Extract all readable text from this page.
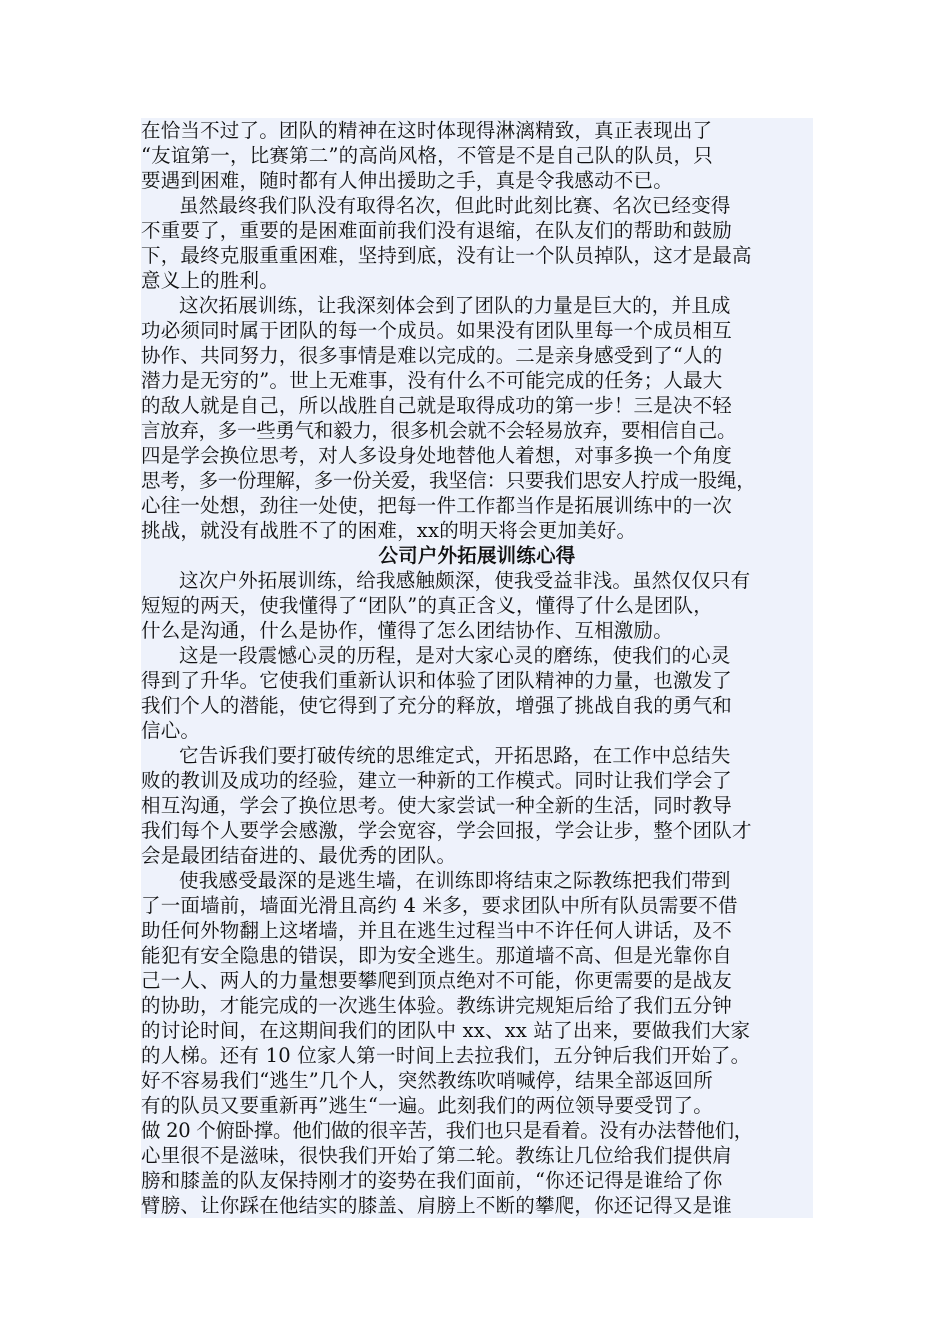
在恰当不过了。团队的精神在这时体现得淋漓精致，真正表现出了
“友谊第一，比赛第二”的高尚风格，不管是不是自己队的队员，只
要遇到困难，随时都有人伸出援助之手，真是令我感动不已。
虽然最终我们队没有取得名次，但此时此刻比赛、名次已经变得
不重要了，重要的是困难面前我们没有退缩，在队友们的帮助和鼓励
下，最终克服重重困难，坚持到底，没有让一个队员掉队，这才是最高
意义上的胜利。
这次拓展训练，让我深刻体会到了团队的力量是巨大的，并且成
功必须同时属于团队的每一个成员。如果没有团队里每一个成员相互
协作、共同努力，很多事情是难以完成的。二是亲身感受到了“人的
潜力是无穷的”。世上无难事，没有什么不可能完成的任务；人最大
的敌人就是自己，所以战胜自己就是取得成功的第一步！三是决不轻
言放弃，多一些勇气和毅力，很多机会就不会轻易放弃，要相信自己。
四是学会换位思考，对人多设身处地替他人着想，对事多换一个角度
思考，多一份理解，多一份关爱，我坚信：只要我们思安人拧成一股绳，
心往一处想，劲往一处使，把每一件工作都当作是拓展训练中的一次
挑战，就没有战胜不了的困难，xx的明天将会更加美好。
公司户外拓展训练心得
这次户外拓展训练，给我感触颇深，使我受益非浅。虽然仅仅只有
短短的两天，使我懂得了“团队”的真正含义，懂得了什么是团队，
什么是沟通，什么是协作，懂得了怎么团结协作、互相激励。
这是一段震憾心灵的历程，是对大家心灵的磨练，使我们的心灵
得到了升华。它使我们重新认识和体验了团队精神的力量，也激发了
我们个人的潜能，使它得到了充分的释放，增强了挑战自我的勇气和
信心。
它告诉我们要打破传统的思维定式，开拓思路，在工作中总结失
败的教训及成功的经验，建立一种新的工作模式。同时让我们学会了
相互沟通，学会了换位思考。使大家尝试一种全新的生活，同时教导
我们每个人要学会感激，学会宽容，学会回报，学会让步，整个团队才
会是最团结奋进的、最优秀的团队。
使我感受最深的是逃生墙，在训练即将结束之际教练把我们带到
了一面墙前，墙面光滑且高约 4 米多，要求团队中所有队员需要不借
助任何外物翻上这堵墙，并且在逃生过程当中不许任何人讲话，及不
能犯有安全隐患的错误，即为安全逃生。那道墙不高、但是光靠你自
己一人、两人的力量想要攀爬到顶点绝对不可能，你更需要的是战友
的协助，才能完成的一次逃生体验。教练讲完规矩后给了我们五分钟
的讨论时间，在这期间我们的团队中 xx、xx 站了出来，要做我们大家
的人梯。还有 10 位家人第一时间上去拉我们，五分钟后我们开始了。
好不容易我们“逃生”几个人，突然教练吹哨喊停，结果全部返回所
有的队员又要重新再”逃生“一遍。此刻我们的两位领导要受罚了。
做 20 个俯卧撑。他们做的很辛苦，我们也只是看着。没有办法替他们，
心里很不是滋味，很快我们开始了第二轮。教练让几位给我们提供肩
膀和膝盖的队友保持刚才的姿势在我们面前，“你还记得是谁给了你
臂膀、让你踩在他结实的膝盖、肩膀上不断的攀爬，你还记得又是谁
